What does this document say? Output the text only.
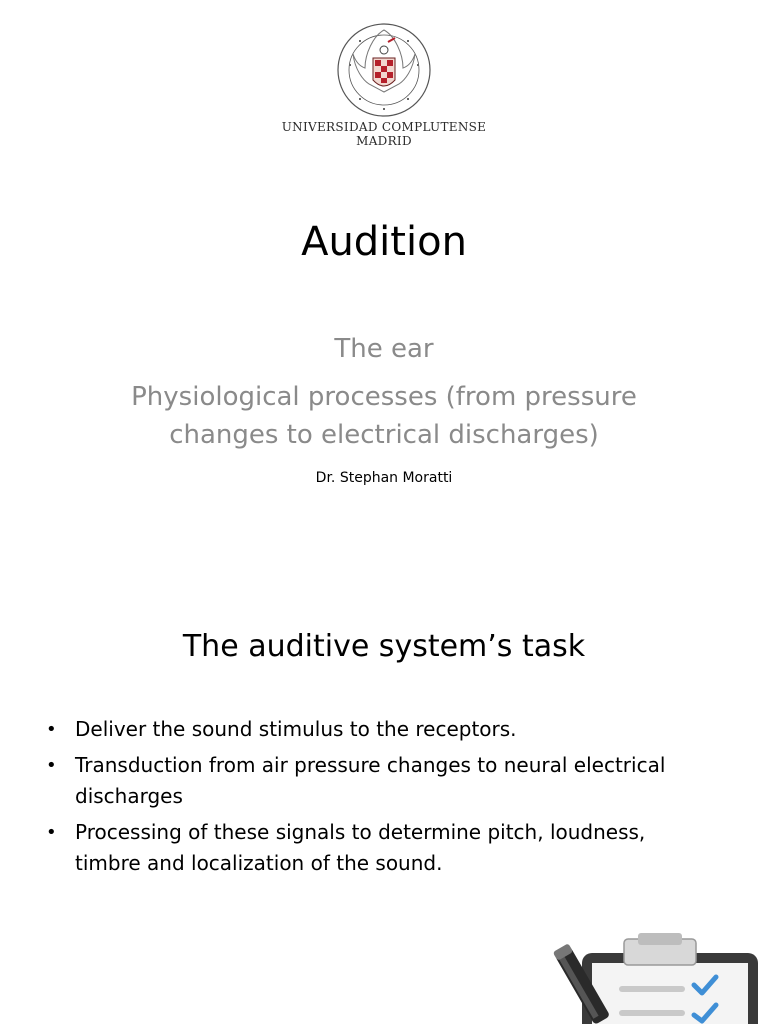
UNIVERSIDAD COMPLUTENSE
MADRID
Audition
The ear
Physiological processes (from pressure changes to electrical discharges)
Dr. Stephan Moratti
The auditive system’s task
• Deliver the sound stimulus to the receptors.
• Transduction from air pressure changes to neural electrical discharges
• Processing of these signals to determine pitch, loudness, timbre and localization of the sound.
